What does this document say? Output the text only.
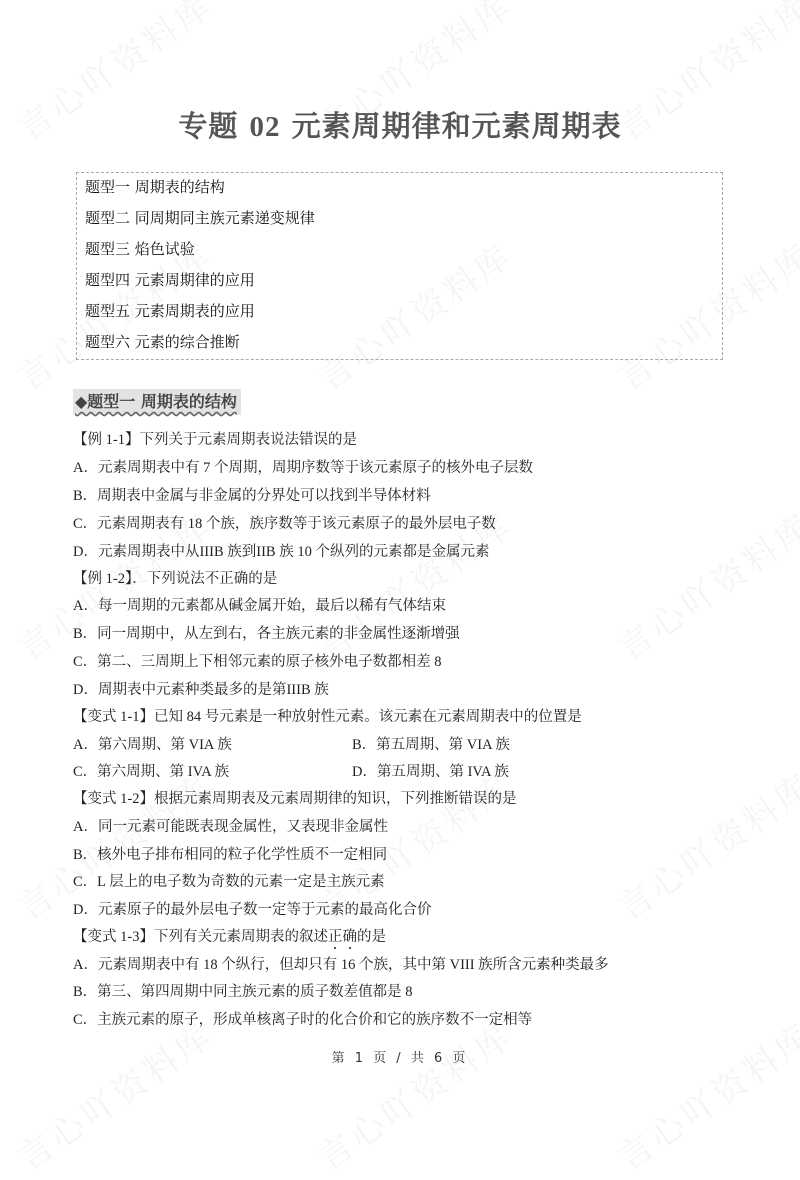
专题 02 元素周期律和元素周期表
题型一 周期表的结构
题型二 同周期同主族元素递变规律
题型三 焰色试验
题型四 元素周期律的应用
题型五 元素周期表的应用
题型六 元素的综合推断
◆题型一 周期表的结构
【例 1-1】下列关于元素周期表说法错误的是
A．元素周期表中有 7 个周期，周期序数等于该元素原子的核外电子层数
B．周期表中金属与非金属的分界处可以找到半导体材料
C．元素周期表有 18 个族，族序数等于该元素原子的最外层电子数
D．元素周期表中从IIIB 族到IIB 族 10 个纵列的元素都是金属元素
【例 1-2】．下列说法不正确的是
A．每一周期的元素都从碱金属开始，最后以稀有气体结束
B．同一周期中，从左到右，各主族元素的非金属性逐渐增强
C．第二、三周期上下相邻元素的原子核外电子数都相差 8
D．周期表中元素种类最多的是第IIIB 族
【变式 1-1】已知 84 号元素是一种放射性元素。该元素在元素周期表中的位置是
A．第六周期、第 VIA 族	B．第五周期、第 VIA 族
C．第六周期、第 IVA 族	D．第五周期、第 IVA 族
【变式 1-2】根据元素周期表及元素周期律的知识，下列推断错误的是
A．同一元素可能既表现金属性，又表现非金属性
B．核外电子排布相同的粒子化学性质不一定相同
C．L 层上的电子数为奇数的元素一定是主族元素
D．元素原子的最外层电子数一定等于元素的最高化合价
【变式 1-3】下列有关元素周期表的叙述正确的是
A．元素周期表中有 18 个纵行，但却只有 16 个族，其中第 VIII 族所含元素种类最多
B．第三、第四周期中同主族元素的质子数差值都是 8
C．主族元素的原子，形成单核离子时的化合价和它的族序数不一定相等
第 1 页 / 共 6 页
